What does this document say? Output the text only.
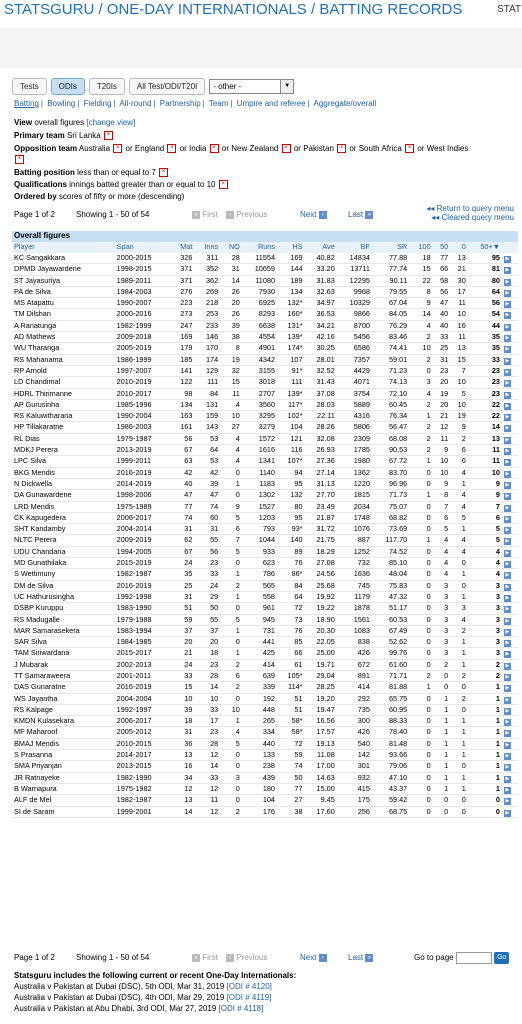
STATSGURU / ONE-DAY INTERNATIONALS / BATTING RECORDS	STAT
Tests	ODIs	T20Is	All Test/ODI/T20I	- other -	▼
Batting | Bowling | Fielding | All-round | Partnership | Team | Umpire and referee | Aggregate/overall
View overall figures [change view]
Primary team Sri Lanka ×
Opposition team Australia × or England × or India × or New Zealand × or Pakistan × or South Africa × or West Indies
×
Batting position less than or equal to 7 ×
Qualifications innings batted greater than or equal to 10 ×
Ordered by scores of fifty or more (descending)
Page 1 of 2	Showing 1 - 50 of 54	« First	‹ Previous	Next ›	Last »
◂◂ Return to query menu
◂◂ Cleared query menu
Overall figures														
Player	Span	Mat	Inns	NO	Runs	HS	Ave	BF	SR	100	50	0	50+▼	
KC Sangakkara	2000-2015	326	311	28	11554	169	40.82	14834	77.88	18	77	13	95	▶
DPMD Jayawardene	1998-2015	371	352	31	10659	144	33.20	13711	77.74	15	66	21	81	▶
ST Jayasuriya	1989-2011	371	362	14	11080	189	31.83	12295	90.11	22	58	30	80	▶
PA de Silva	1984-2003	276	269	26	7930	134	32.63	9968	79.55	8	56	17	64	▶
MS Atapattu	1990-2007	223	218	20	6925	132*	34.97	10329	67.04	9	47	11	56	▶
TM Dilshan	2000-2016	273	253	26	8293	160*	36.53	9866	84.05	14	40	10	54	▶
A Ranatunga	1982-1999	247	233	39	6638	131*	34.21	8700	76.29	4	40	16	44	▶
AD Mathews	2009-2018	169	146	38	4554	139*	42.16	5456	83.46	2	33	11	35	▶
WU Tharanga	2005-2019	179	170	8	4901	174*	30.25	6586	74.41	10	25	13	35	▶
RS Mahanama	1986-1999	185	174	19	4342	107	28.01	7357	59.01	2	31	15	33	▶
RP Arnold	1997-2007	141	129	32	3155	91*	32.52	4429	71.23	0	23	7	23	▶
LD Chandimal	2010-2019	122	111	15	3018	111	31.43	4071	74.13	3	20	10	23	▶
HDRL Thirimanne	2010-2017	98	84	11	2707	139*	37.08	3754	72.10	4	19	5	23	▶
AP Gurusinha	1985-1996	134	131	4	3560	117*	28.03	5889	60.45	2	20	10	22	▶
RS Kaluwitharana	1990-2004	163	159	10	3295	102*	22.11	4316	76.34	1	21	19	22	▶
HP Tillakaratne	1986-2003	161	143	27	3279	104	28.26	5806	56.47	2	12	9	14	▶
RL Dias	1979-1987	56	53	4	1572	121	32.08	2309	68.08	2	11	2	13	▶
MDKJ Perera	2013-2019	67	64	4	1616	116	26.93	1785	90.53	2	9	6	11	▶
LPC Silva	1999-2011	63	53	4	1341	107*	27.36	1980	67.72	1	10	6	11	▶
BKG Mendis	2016-2019	42	42	0	1140	94	27.14	1362	83.70	0	10	4	10	▶
N Dickwella	2014-2019	40	39	1	1183	95	31.13	1220	96.96	0	9	1	9	▶
DA Gunawardene	1998-2006	47	47	0	1302	132	27.70	1815	71.73	1	8	4	9	▶
LRD Mendis	1975-1989	77	74	9	1527	80	23.49	2034	75.07	0	7	4	7	▶
CK Kapugedera	2006-2017	74	60	5	1203	95	21.87	1748	68.82	0	6	5	6	▶
SHT Kandamby	2004-2014	31	31	6	793	93*	31.72	1076	73.69	0	5	1	5	▶
NLTC Perera	2009-2019	62	55	7	1044	140	21.75	887	117.70	1	4	4	5	▶
UDU Chandana	1994-2005	67	56	5	933	89	18.29	1252	74.52	0	4	4	4	▶
MD Gunathilaka	2015-2019	24	23	0	623	76	27.08	732	85.10	0	4	0	4	▶
S Wettimuny	1982-1987	35	33	1	786	86*	24.56	1636	48.04	0	4	1	4	▶
DM de Silva	2016-2019	25	24	2	565	84	25.68	745	75.83	0	3	0	3	▶
UC Hathurusingha	1992-1998	31	29	1	558	64	19.92	1179	47.32	0	3	1	3	▶
DSBP Kuruppu	1983-1990	51	50	0	961	72	19.22	1878	51.17	0	3	3	3	▶
RS Madugalle	1979-1988	59	55	5	945	73	18.90	1561	60.53	0	3	4	3	▶
MAR Samarasekera	1983-1994	37	37	1	731	76	20.30	1083	67.49	0	3	2	3	▶
SAR Silva	1984-1985	20	20	0	441	85	22.05	838	52.62	0	3	1	3	▶
TAM Siriwardana	2015-2017	21	18	1	425	66	25.00	426	99.76	0	3	1	3	▶
J Mubarak	2002-2013	24	23	2	414	61	19.71	672	61.60	0	2	1	2	▶
TT Samaraweera	2001-2011	33	28	6	639	105*	29.04	891	71.71	2	0	2	2	▶
DAS Gunaratne	2016-2019	15	14	2	339	114*	28.25	414	81.88	1	0	0	1	▶
WS Jayantha	2004-2004	10	10	0	192	51	19.20	292	65.75	0	1	2	1	▶
RS Kalpage	1992-1997	39	33	10	448	51	19.47	735	60.95	0	1	0	1	▶
KMDN Kulasekara	2006-2017	18	17	1	265	58*	16.56	300	88.33	0	1	1	1	▶
MF Maharoof	2005-2012	31	23	4	334	58*	17.57	426	78.40	0	1	1	1	▶
BMAJ Mendis	2010-2015	36	28	5	440	72	19.13	540	81.48	0	1	1	1	▶
S Prasanna	2014-2017	13	12	0	133	59	11.08	142	93.66	0	1	1	1	▶
SMA Priyanjan	2013-2015	16	14	0	238	74	17.00	301	79.06	0	1	0	1	▶
JR Ratnayeke	1982-1990	34	33	3	439	50	14.63	932	47.10	0	1	1	1	▶
B Warnapura	1975-1982	12	12	0	180	77	15.00	415	43.37	0	1	1	1	▶
ALF de Mel	1982-1987	13	11	0	104	27	9.45	175	59.42	0	0	0	0	▶
SI de Saram	1999-2001	14	12	2	176	38	17.60	256	68.75	0	0	0	0	▶
Page 1 of 2	Showing 1 - 50 of 54	« First	‹ Previous	Next ›	Last »	Go to page	Go
Statsguru includes the following current or recent One-Day Internationals:
Australia v Pakistan at Dubai (DSC), 5th ODI, Mar 31, 2019 [ODI # 4120]
Australia v Pakistan at Dubai (DSC), 4th ODI, Mar 29, 2019 [ODI # 4119]
Australia v Pakistan at Abu Dhabi, 3rd ODI, Mar 27, 2019 [ODI # 4118]
